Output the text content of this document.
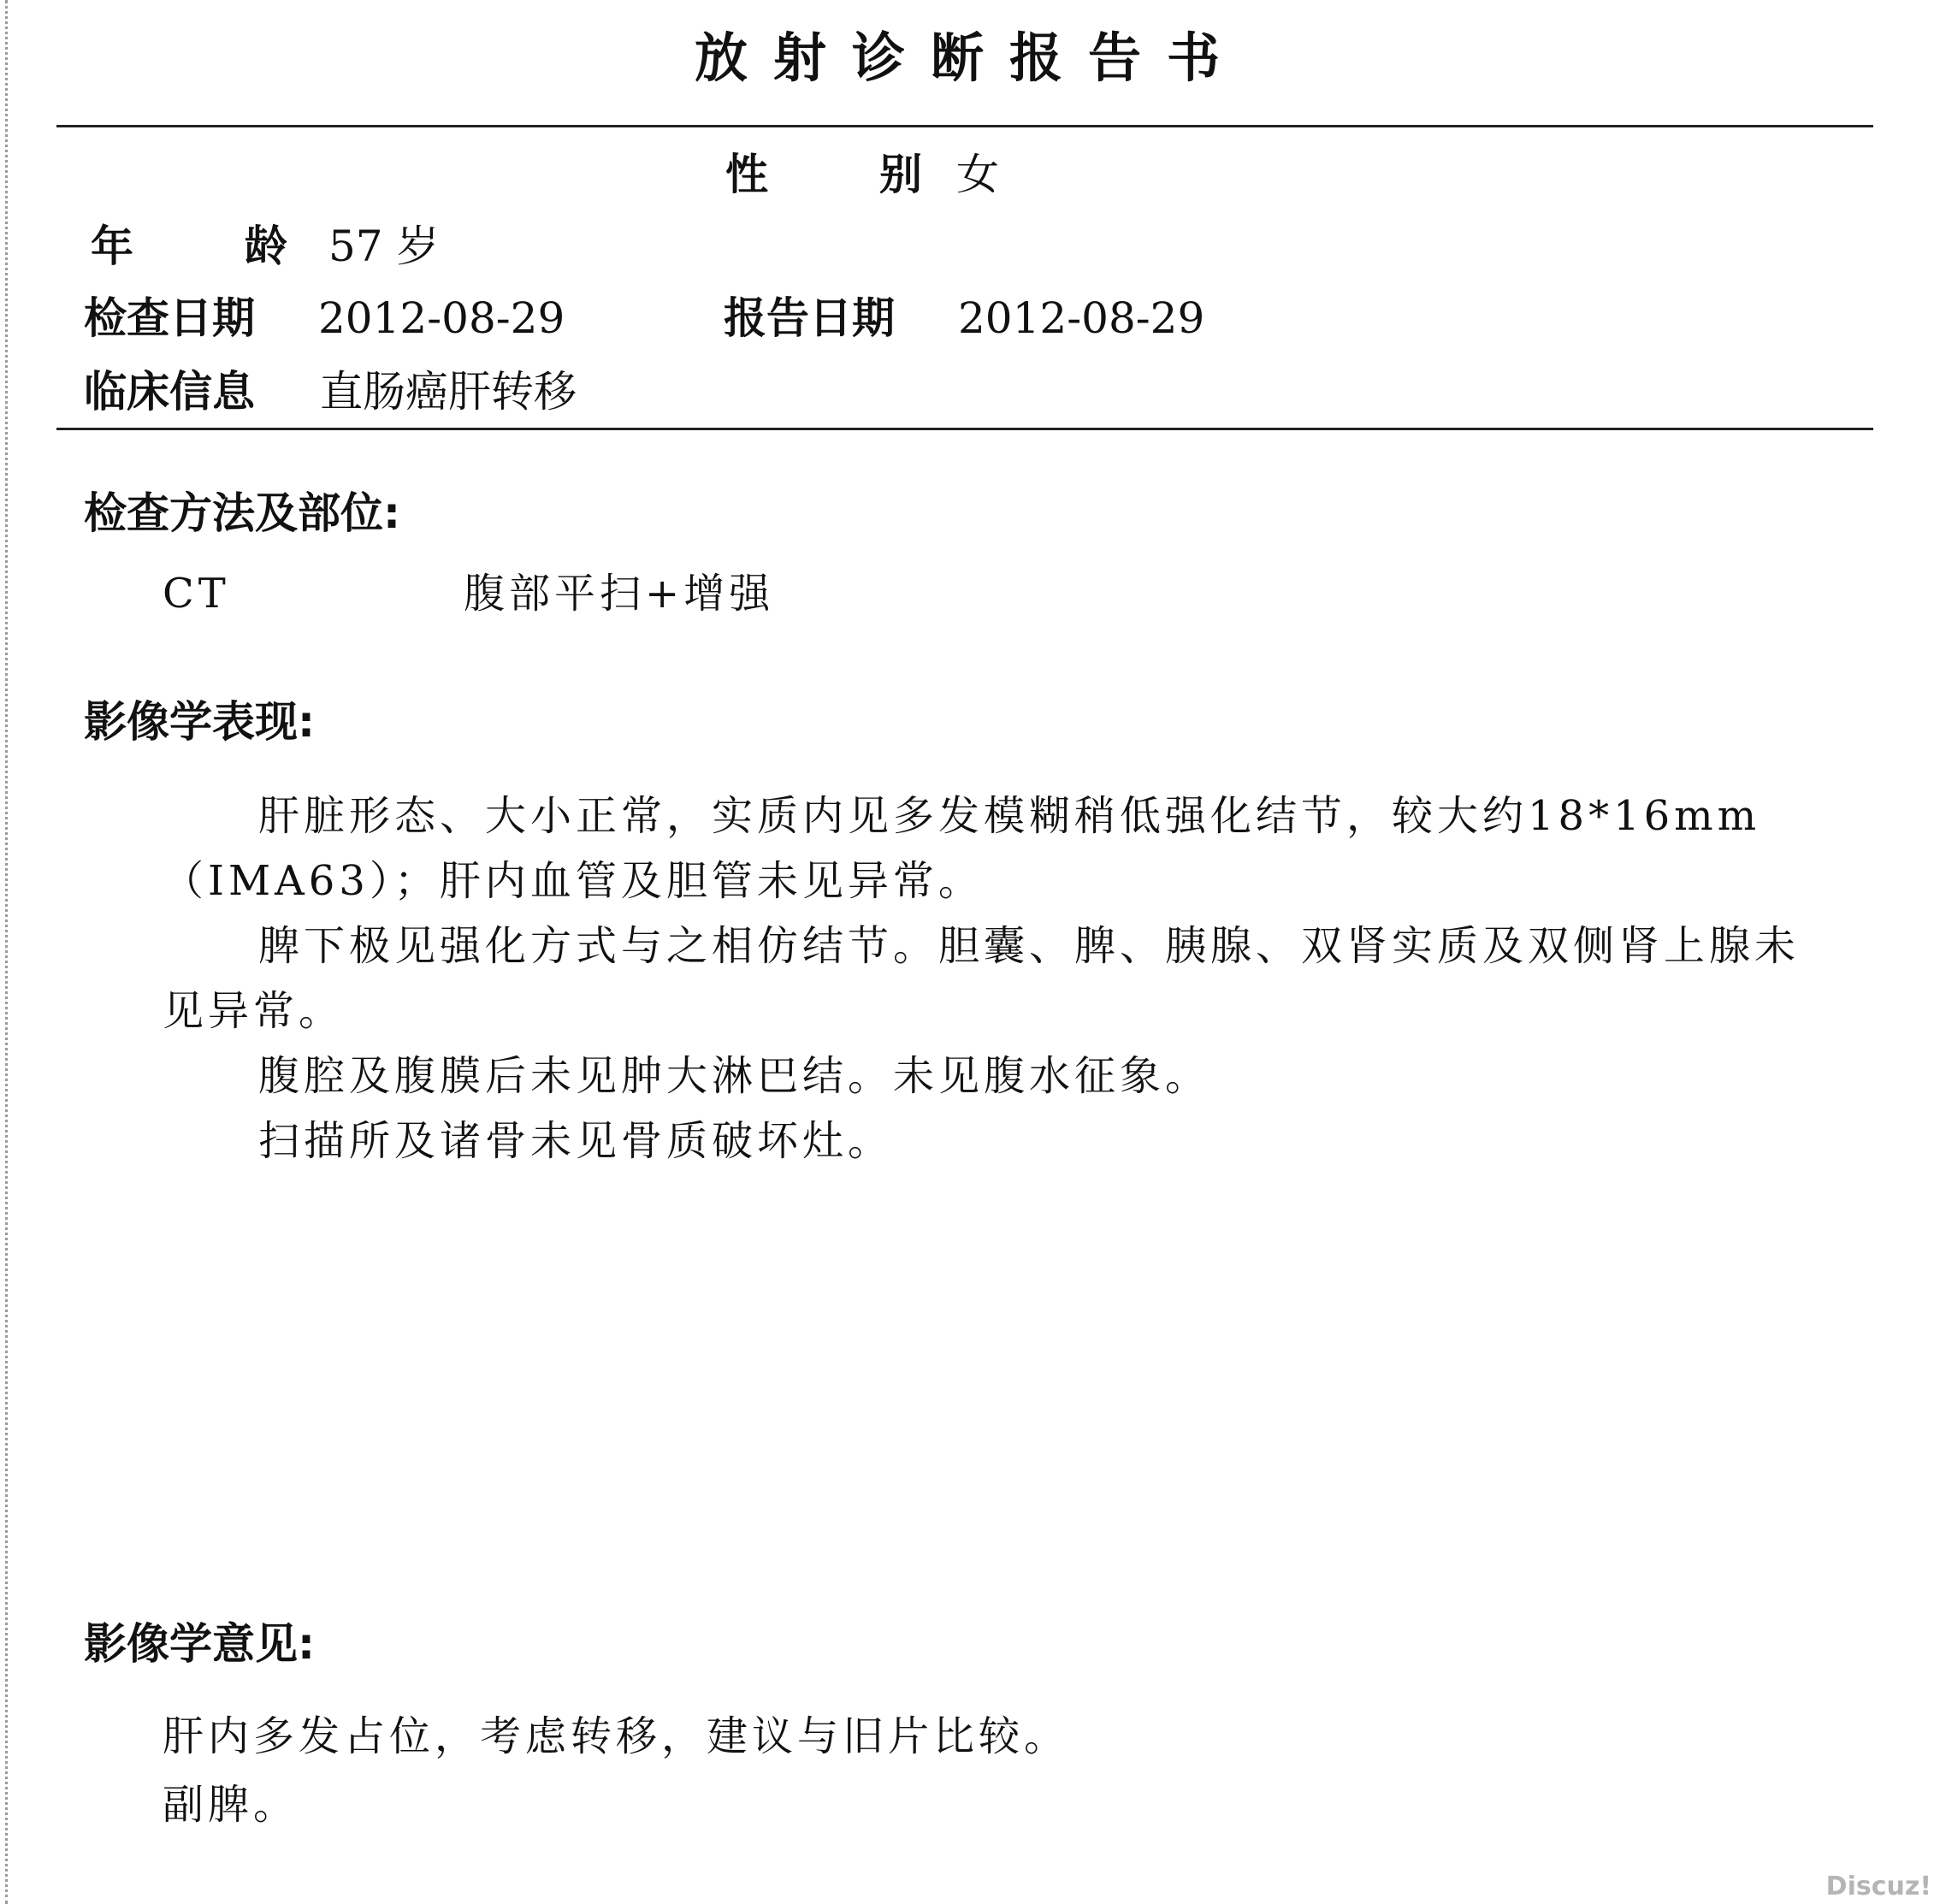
放射诊断报告书
性	别 女
年	龄 57 岁
检查日期 2012-08-29	报告日期 2012-08-29
临床信息 直肠癌肝转移
检查方法及部位:
CT	腹部平扫+增强
影像学表现:

肝脏形态、大小正常，实质内见多发模糊稍低强化结节，较大约18*16mm（IMA63）；肝内血管及胆管未见异常。

脾下极见强化方式与之相仿结节。胆囊、脾、胰腺、双肾实质及双侧肾上腺未见异常。

腹腔及腹膜后未见肿大淋巴结。未见腹水征象。

扫描所及诸骨未见骨质破坏灶。

影像学意见:
肝内多发占位，考虑转移，建议与旧片比较。
副脾。
Discuz!
